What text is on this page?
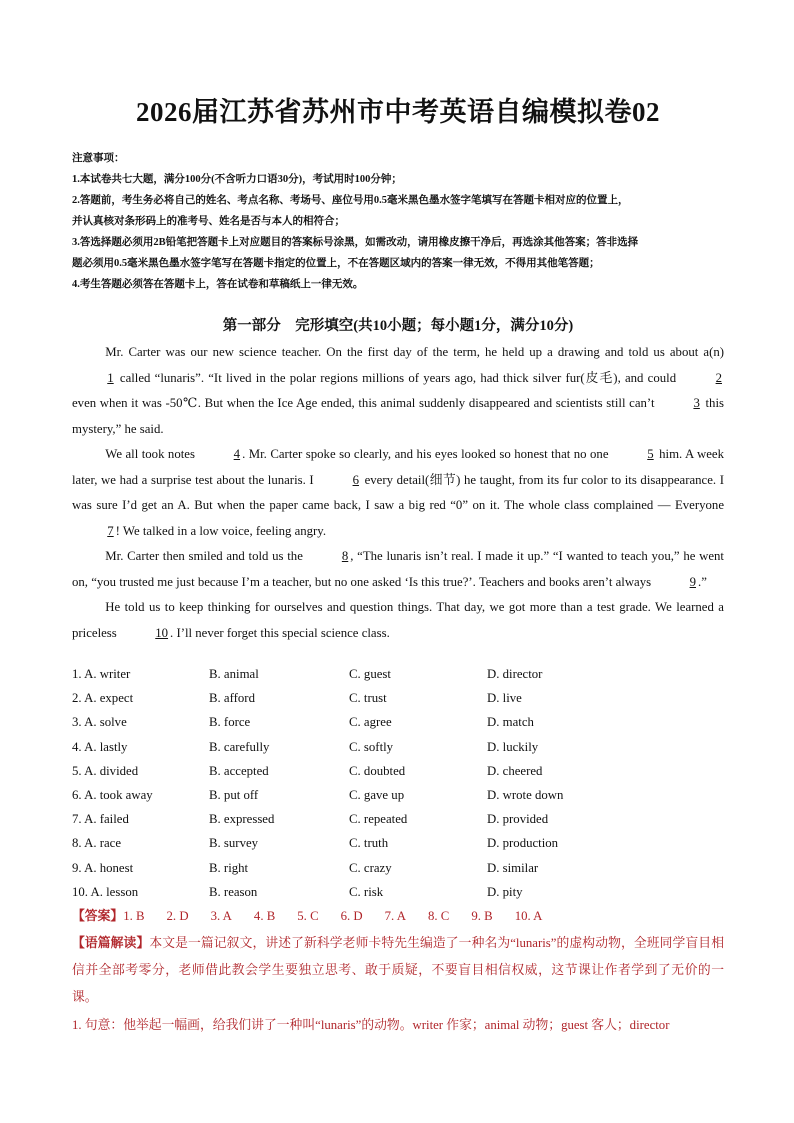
2026届江苏省苏州市中考英语自编模拟卷02
注意事项：
1.本试卷共七大题，满分100分(不含听力口语30分)，考试用时100分钟；
2.答题前，考生务必将自己的姓名、考点名称、考场号、座位号用0.5毫米黑色墨水签字笔填写在答题卡相对应的位置上，
并认真核对条形码上的准考号、姓名是否与本人的相符合；
3.答选择题必须用2B铅笔把答题卡上对应题目的答案标号涂黑，如需改动，请用橡皮擦干净后，再选涂其他答案；答非选择
题必须用0.5毫米黑色墨水签字笔写在答题卡指定的位置上，不在答题区域内的答案一律无效，不得用其他笔答题；
4.考生答题必须答在答题卡上，答在试卷和草稿纸上一律无效。
第一部分　完形填空(共10小题；每小题1分，满分10分)

Mr. Carter was our new science teacher. On the first day of the term, he held up a drawing and told us about a(n) 1 called “lunaris”. “It lived in the polar regions millions of years ago, had thick silver fur(皮毛), and could	2 even when it was -50℃. But when the Ice Age ended, this animal suddenly disappeared and scientists still can’t	3 this mystery,” he said.

We all took notes	4 . Mr. Carter spoke so clearly, and his eyes looked so honest that no one	5 him. A week later, we had a surprise test about the lunaris. I	6 every detail(细节) he taught, from its fur color to its disappearance. I was sure I’d get an A. But when the paper came back, I saw a big red “0” on it. The whole class complained — Everyone 7 ! We talked in a low voice, feeling angry.

Mr. Carter then smiled and told us the	8 , “The lunaris isn’t real. I made it up.” “I wanted to teach you,” he went on, “you trusted me just because I’m a teacher, but no one asked ‘Is this true?’. Teachers and books aren’t always	9 .”

He told us to keep thinking for ourselves and question things. That day, we got more than a test grade. We learned a priceless	10 . I’ll never forget this special science class.

1. A. writer	B. animal	C. guest	D. director
2. A. expect	B. afford	C. trust	D. live
3. A. solve	B. force	C. agree	D. match
4. A. lastly	B. carefully	C. softly	D. luckily
5. A. divided	B. accepted	C. doubted	D. cheered
6. A. took away	B. put off	C. gave up	D. wrote down
7. A. failed	B. expressed	C. repeated	D. provided
8. A. race	B. survey	C. truth	D. production
9. A. honest	B. right	C. crazy	D. similar
10. A. lesson	B. reason	C. risk	D. pity
【答案】1. B 2. D 3. A 4. B 5. C 6. D 7. A 8. C 9. B 10. A
【语篇解读】本文是一篇记叙文，讲述了新科学老师卡特先生编造了一种名为“lunaris”的虚构动物，全班同学盲目相信并全部考零分，老师借此教会学生要独立思考、敢于质疑，不要盲目相信权威，这节课让作者学到了无价的一课。
1. 句意：他举起一幅画，给我们讲了一种叫“lunaris”的动物。writer 作家；animal 动物；guest 客人；director
